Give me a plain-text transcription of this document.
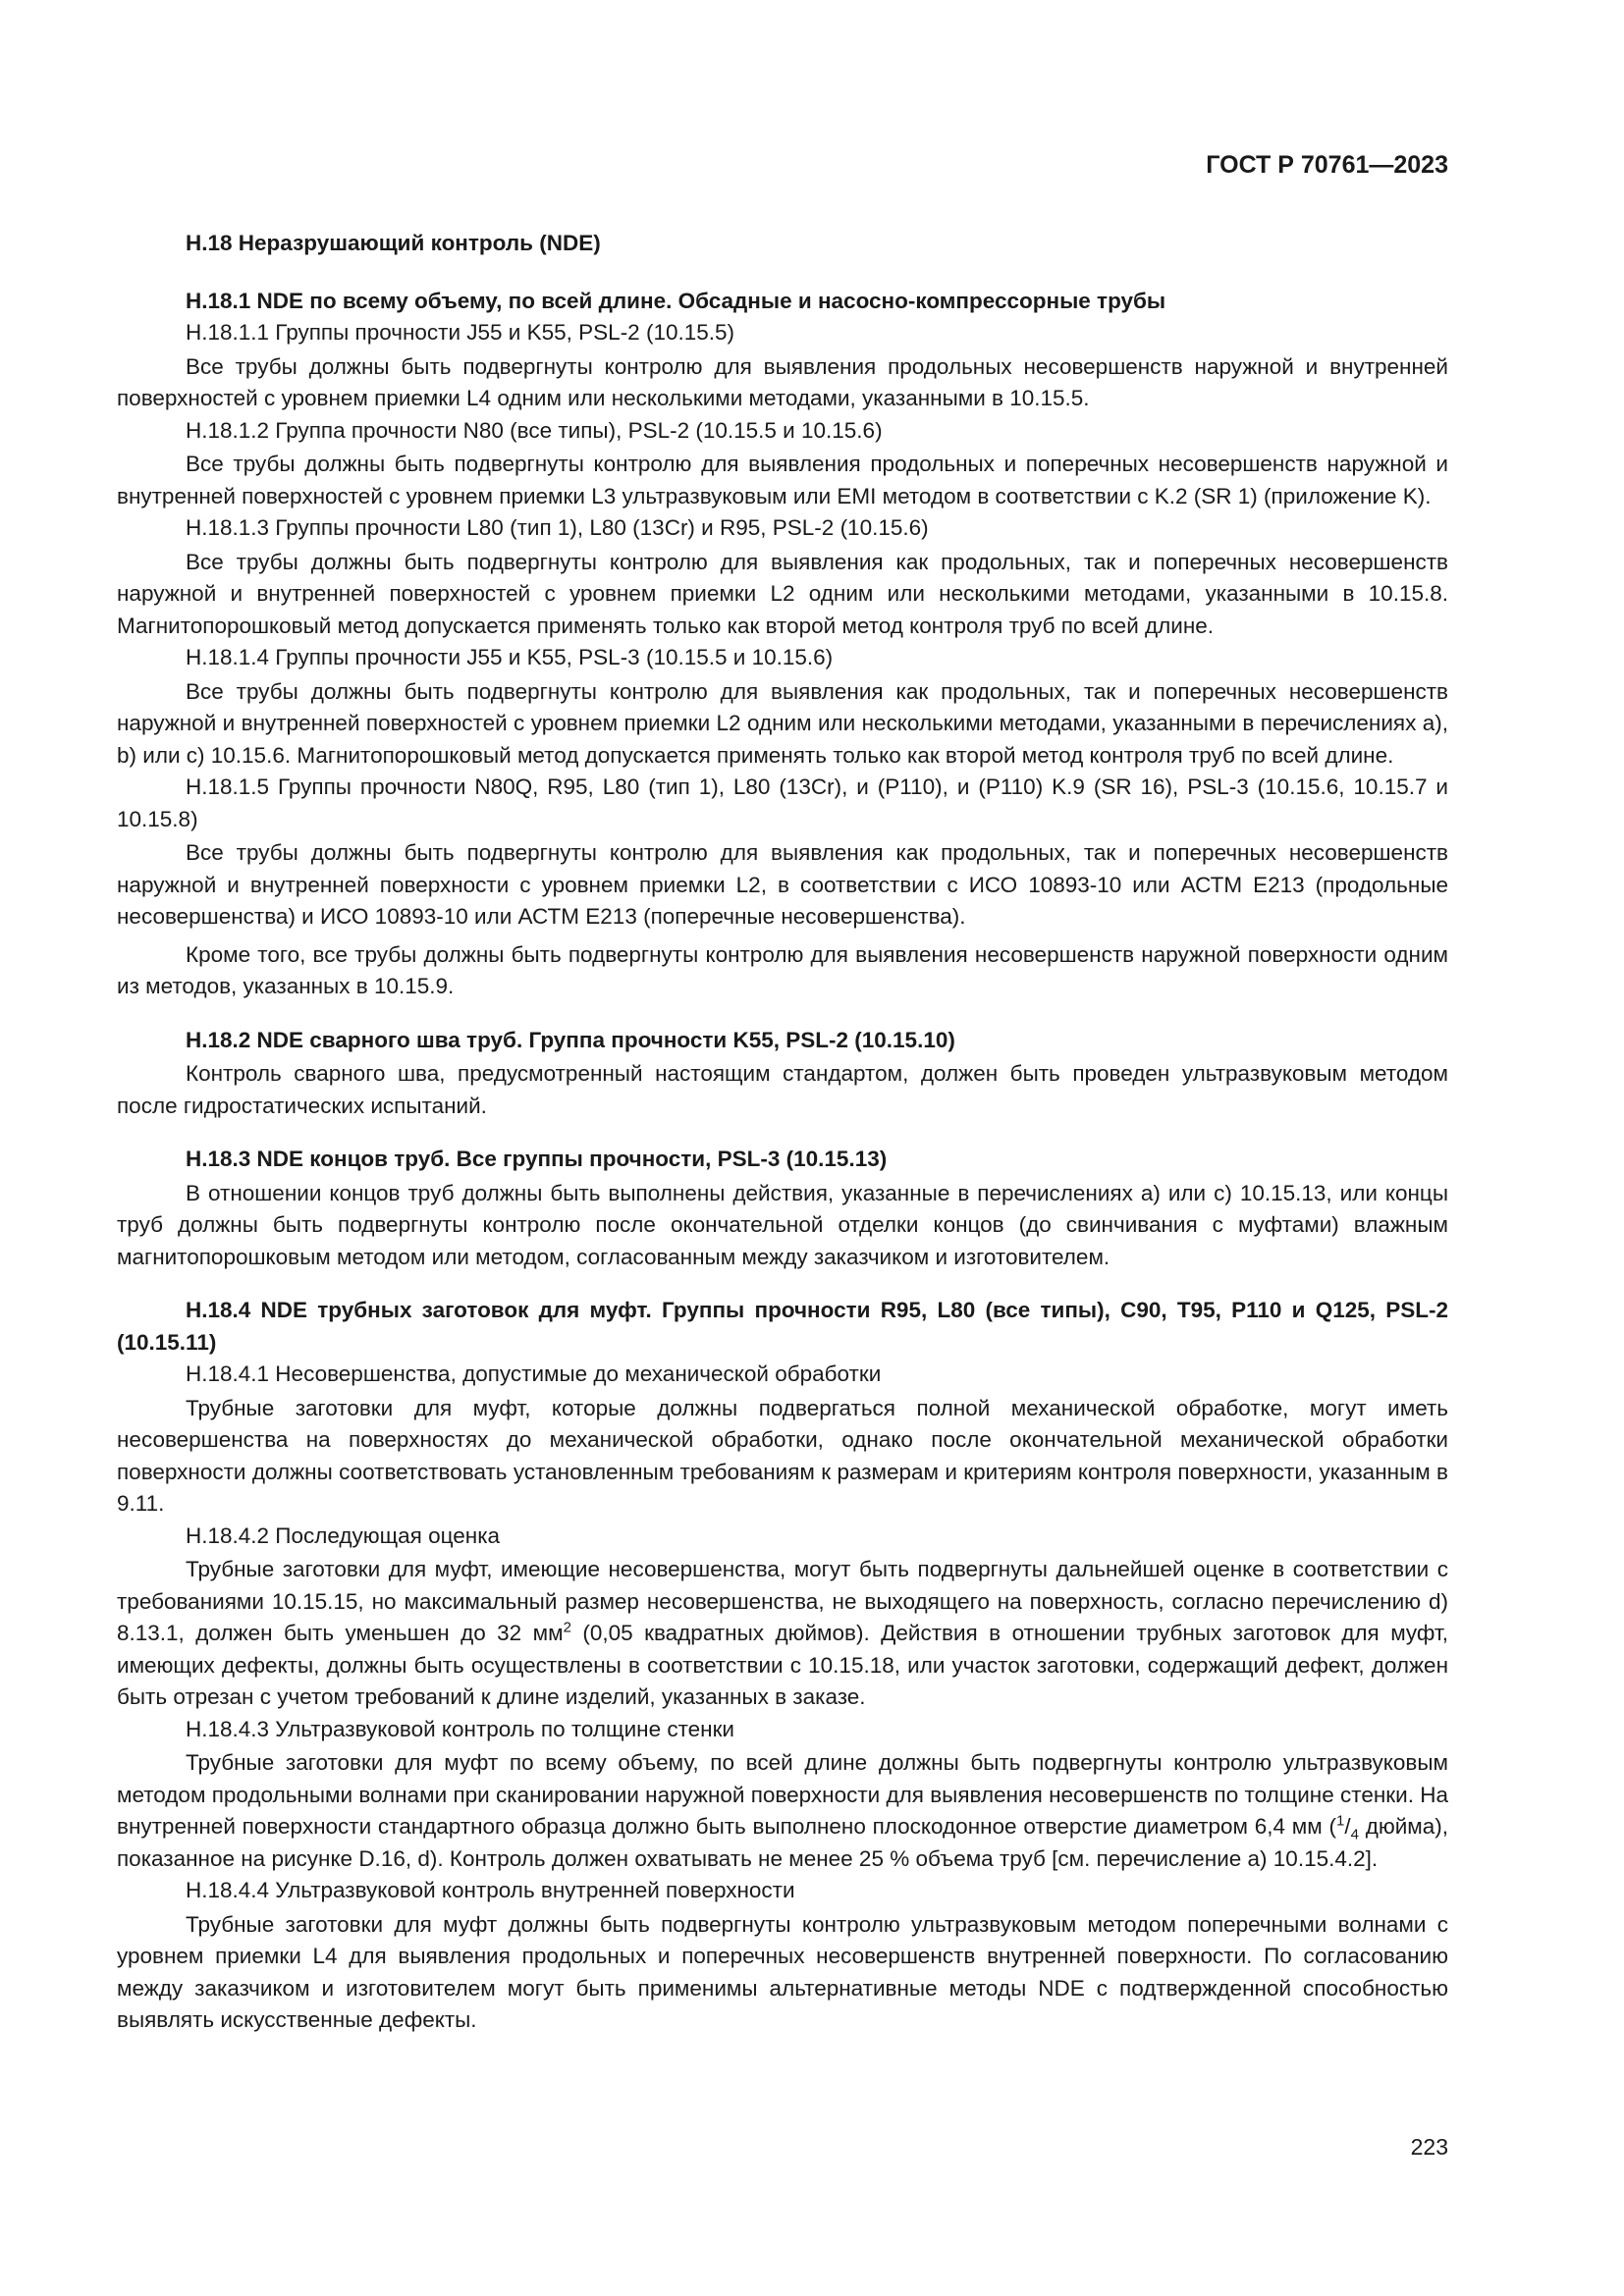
ГОСТ Р 70761—2023

H.18 Неразрушающий контроль (NDE)

H.18.1 NDE по всему объему, по всей длине. Обсадные и насосно-компрессорные трубы

H.18.1.1 Группы прочности J55 и K55, PSL-2 (10.15.5)

Все трубы должны быть подвергнуты контролю для выявления продольных несовершенств наружной и внутренней поверхностей с уровнем приемки L4 одним или несколькими методами, указанными в 10.15.5.

H.18.1.2 Группа прочности N80 (все типы), PSL-2 (10.15.5 и 10.15.6)

Все трубы должны быть подвергнуты контролю для выявления продольных и поперечных несовершенств наружной и внутренней поверхностей с уровнем приемки L3 ультразвуковым или EMI методом в соответствии с K.2 (SR 1) (приложение K).

H.18.1.3 Группы прочности L80 (тип 1), L80 (13Cr) и R95, PSL-2 (10.15.6)

Все трубы должны быть подвергнуты контролю для выявления как продольных, так и поперечных несовершенств наружной и внутренней поверхностей с уровнем приемки L2 одним или несколькими методами, указанными в 10.15.8. Магнитопорошковый метод допускается применять только как второй метод контроля труб по всей длине.

H.18.1.4 Группы прочности J55 и K55, PSL-3 (10.15.5 и 10.15.6)

Все трубы должны быть подвергнуты контролю для выявления как продольных, так и поперечных несовершенств наружной и внутренней поверхностей с уровнем приемки L2 одним или несколькими методами, указанными в перечислениях a), b) или c) 10.15.6. Магнитопорошковый метод допускается применять только как второй метод контроля труб по всей длине.

H.18.1.5 Группы прочности N80Q, R95, L80 (тип 1), L80 (13Cr), и (P110), и (P110) K.9 (SR 16), PSL-3 (10.15.6, 10.15.7 и 10.15.8)

Все трубы должны быть подвергнуты контролю для выявления как продольных, так и поперечных несовершенств наружной и внутренней поверхности с уровнем приемки L2, в соответствии с ИСО 10893-10 или АСТМ E213 (продольные несовершенства) и ИСО 10893-10 или АСТМ E213 (поперечные несовершенства).

Кроме того, все трубы должны быть подвергнуты контролю для выявления несовершенств наружной поверхности одним из методов, указанных в 10.15.9.

H.18.2 NDE сварного шва труб. Группа прочности K55, PSL-2 (10.15.10)

Контроль сварного шва, предусмотренный настоящим стандартом, должен быть проведен ультразвуковым методом после гидростатических испытаний.

H.18.3 NDE концов труб. Все группы прочности, PSL-3 (10.15.13)

В отношении концов труб должны быть выполнены действия, указанные в перечислениях a) или c) 10.15.13, или концы труб должны быть подвергнуты контролю после окончательной отделки концов (до свинчивания с муфтами) влажным магнитопорошковым методом или методом, согласованным между заказчиком и изготовителем.

H.18.4 NDE трубных заготовок для муфт. Группы прочности R95, L80 (все типы), C90, T95, P110 и Q125, PSL-2 (10.15.11)

H.18.4.1 Несовершенства, допустимые до механической обработки

Трубные заготовки для муфт, которые должны подвергаться полной механической обработке, могут иметь несовершенства на поверхностях до механической обработки, однако после окончательной механической обработки поверхности должны соответствовать установленным требованиям к размерам и критериям контроля поверхности, указанным в 9.11.

H.18.4.2 Последующая оценка

Трубные заготовки для муфт, имеющие несовершенства, могут быть подвергнуты дальнейшей оценке в соответствии с требованиями 10.15.15, но максимальный размер несовершенства, не выходящего на поверхность, согласно перечислению d) 8.13.1, должен быть уменьшен до 32 $мм^2$ (0,05 квадратных дюймов). Действия в отношении трубных заготовок для муфт, имеющих дефекты, должны быть осуществлены в соответствии с 10.15.18, или участок заготовки, содержащий дефект, должен быть отрезан с учетом требований к длине изделий, указанных в заказе.

H.18.4.3 Ультразвуковой контроль по толщине стенки

Трубные заготовки для муфт по всему объему, по всей длине должны быть подвергнуты контролю ультразвуковым методом продольными волнами при сканировании наружной поверхности для выявления несовершенств по толщине стенки. На внутренней поверхности стандартного образца должно быть выполнено плоскодонное отверстие диаметром 6,4 мм ($^1/_4$ дюйма), показанное на рисунке D.16, d). Контроль должен охватывать не менее 25 % объема труб [см. перечисление a) 10.15.4.2].

H.18.4.4 Ультразвуковой контроль внутренней поверхности

Трубные заготовки для муфт должны быть подвергнуты контролю ультразвуковым методом поперечными волнами с уровнем приемки L4 для выявления продольных и поперечных несовершенств внутренней поверхности. По согласованию между заказчиком и изготовителем могут быть применимы альтернативные методы NDE с подтвержденной способностью выявлять искусственные дефекты.

223
